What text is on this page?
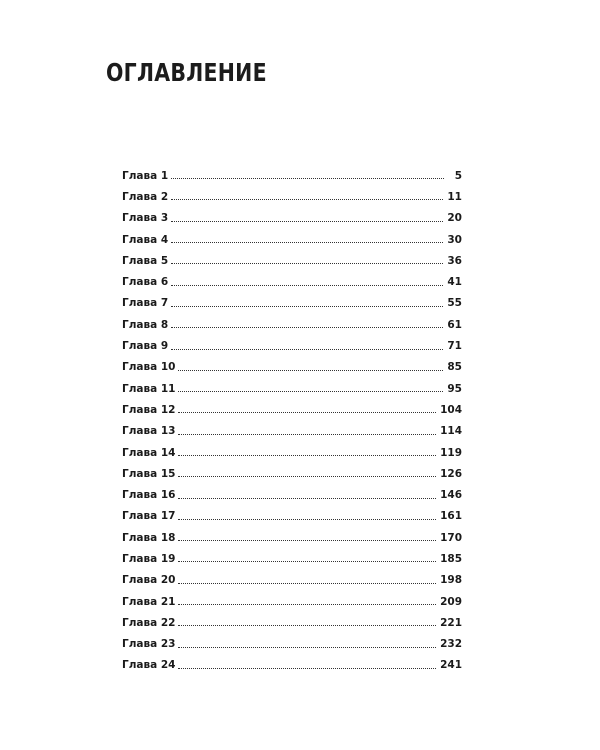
ОГЛАВЛЕНИЕ
Глава 1	5
Глава 2	11
Глава 3	20
Глава 4	30
Глава 5	36
Глава 6	41
Глава 7	55
Глава 8	61
Глава 9	71
Глава 10	85
Глава 11	95
Глава 12	104
Глава 13	114
Глава 14	119
Глава 15	126
Глава 16	146
Глава 17	161
Глава 18	170
Глава 19	185
Глава 20	198
Глава 21	209
Глава 22	221
Глава 23	232
Глава 24	241
